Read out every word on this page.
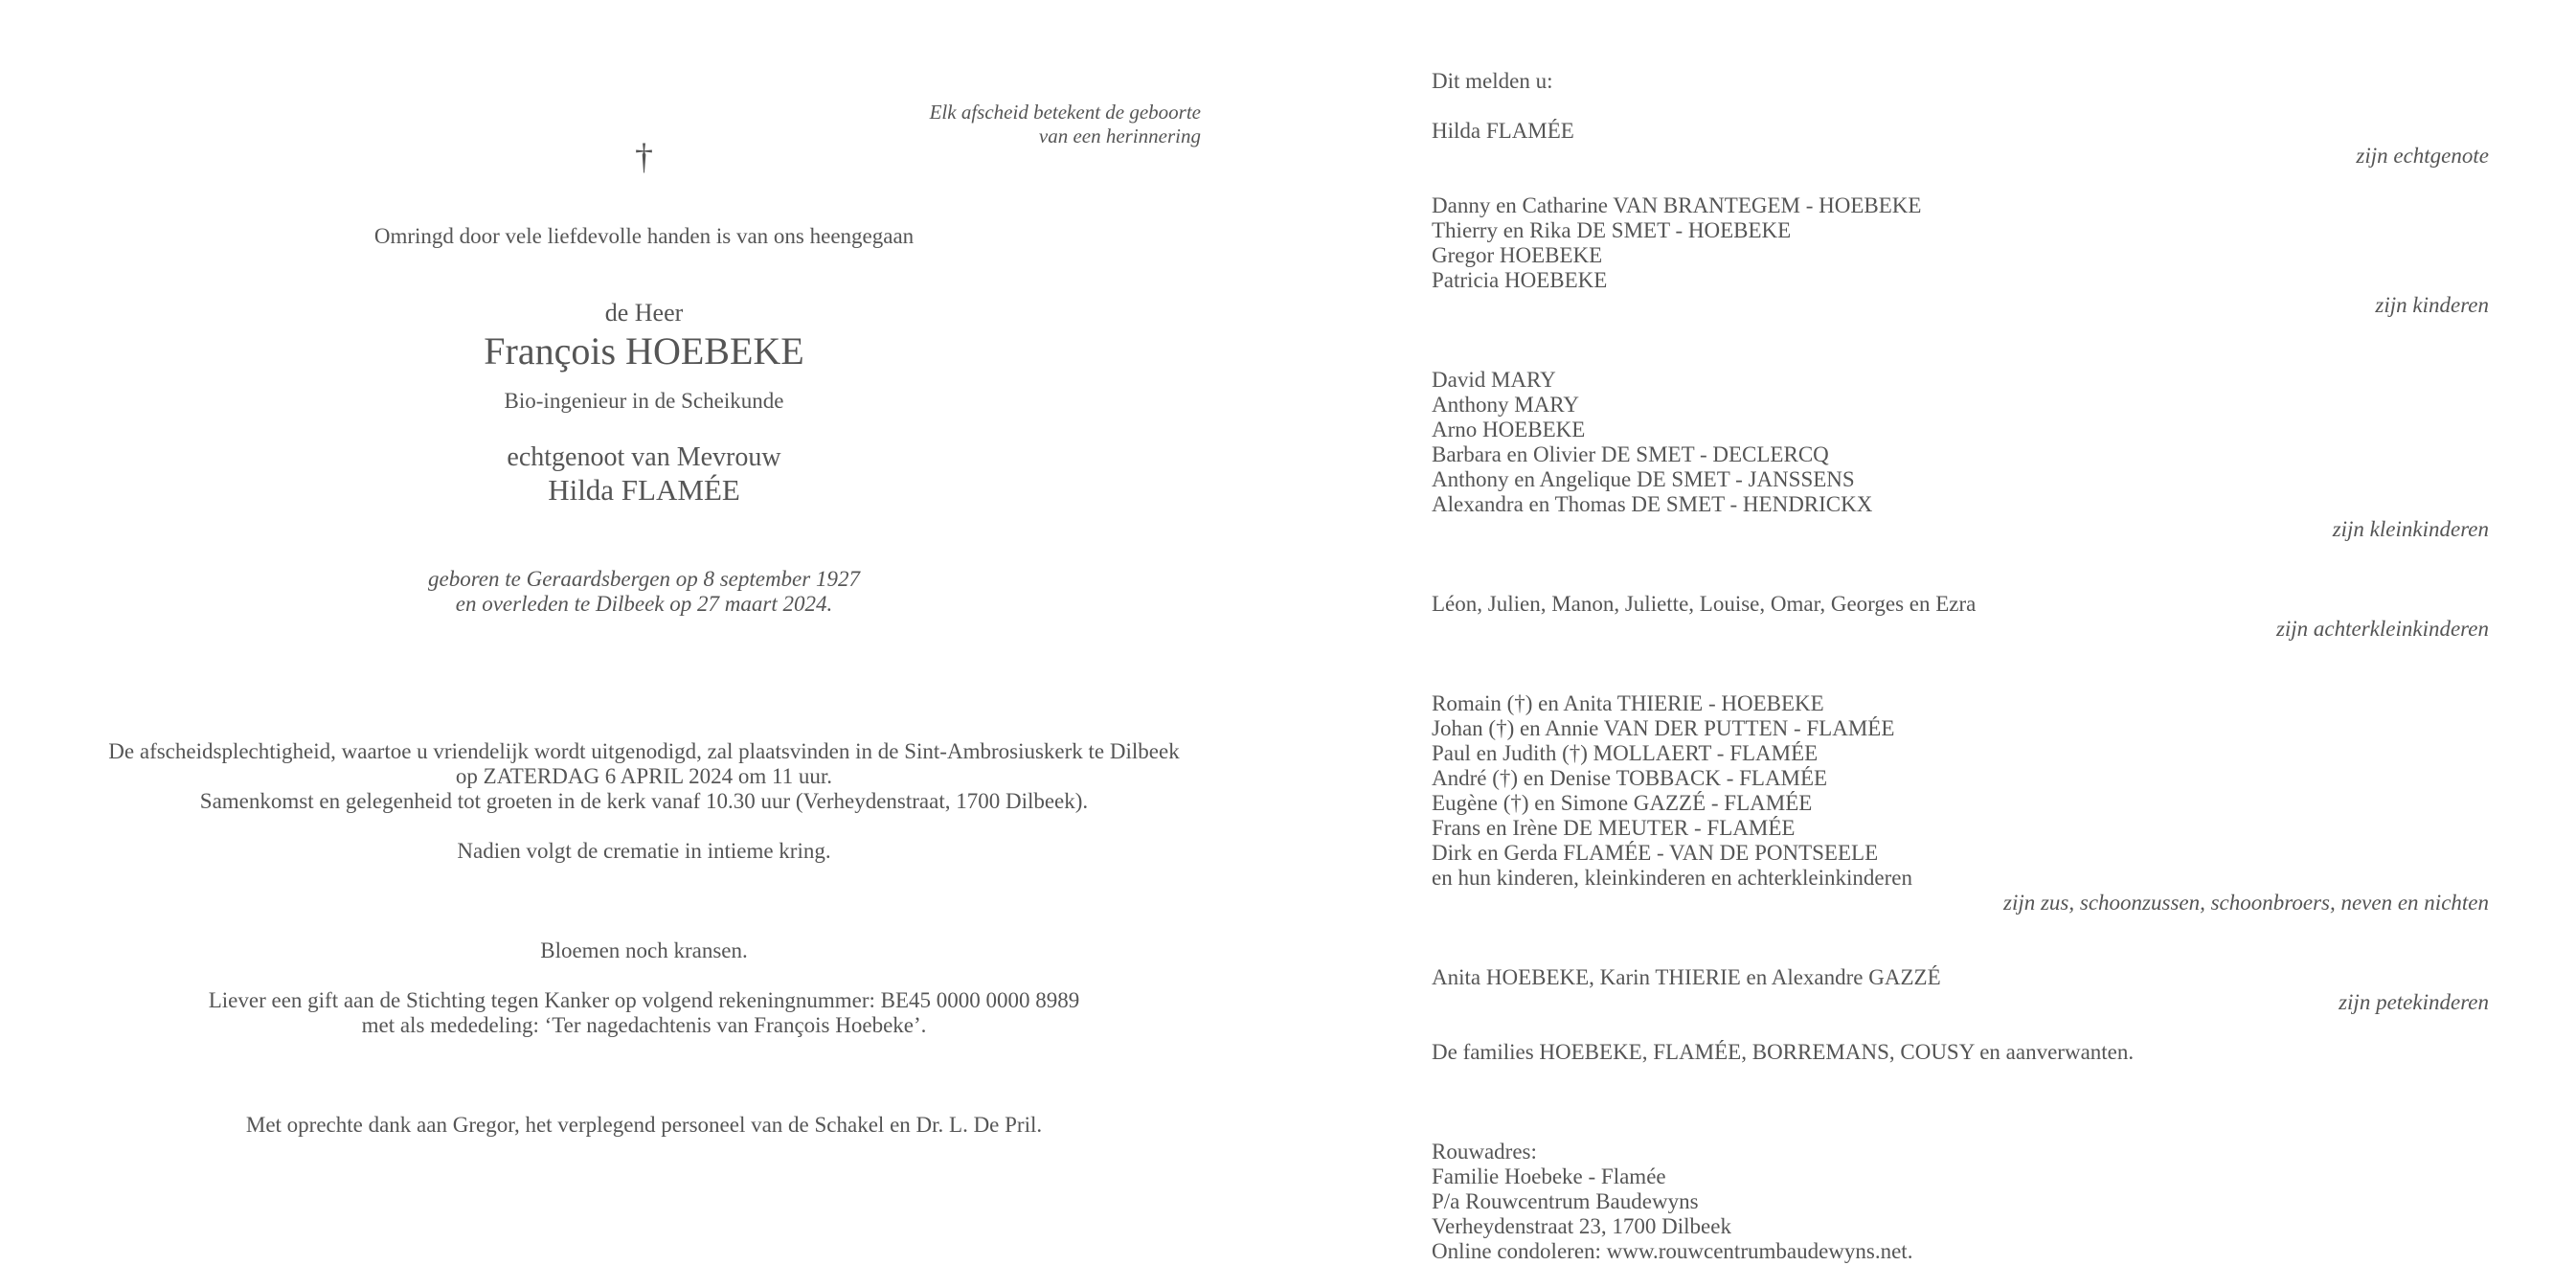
Elk afscheid betekent de geboorte
van een herinnering
†
Omringd door vele liefdevolle handen is van ons heengegaan
de Heer
François HOEBEKE
Bio-ingenieur in de Scheikunde
echtgenoot van Mevrouw
Hilda FLAMÉE
geboren te Geraardsbergen op 8 september 1927
en overleden te Dilbeek op 27 maart 2024.
De afscheidsplechtigheid, waartoe u vriendelijk wordt uitgenodigd, zal plaatsvinden in de Sint-Ambrosiuskerk te Dilbeek
op ZATERDAG 6 APRIL 2024 om 11 uur.
Samenkomst en gelegenheid tot groeten in de kerk vanaf 10.30 uur (Verheydenstraat, 1700 Dilbeek).
Nadien volgt de crematie in intieme kring.
Bloemen noch kransen.
Liever een gift aan de Stichting tegen Kanker op volgend rekeningnummer: BE45 0000 0000 8989
met als mededeling: ‘Ter nagedachtenis van François Hoebeke’.
Met oprechte dank aan Gregor, het verplegend personeel van de Schakel en Dr. L. De Pril.
Dit melden u:
Hilda FLAMÉE
zijn echtgenote
Danny en Catharine VAN BRANTEGEM - HOEBEKE
Thierry en Rika DE SMET - HOEBEKE
Gregor HOEBEKE
Patricia HOEBEKE
zijn kinderen
David MARY
Anthony MARY
Arno HOEBEKE
Barbara en Olivier DE SMET - DECLERCQ
Anthony en Angelique DE SMET - JANSSENS
Alexandra en Thomas DE SMET - HENDRICKX
zijn kleinkinderen
Léon, Julien, Manon, Juliette, Louise, Omar, Georges en Ezra
zijn achterkleinkinderen
Romain (†) en Anita THIERIE - HOEBEKE
Johan (†) en Annie VAN DER PUTTEN - FLAMÉE
Paul en Judith (†) MOLLAERT - FLAMÉE
André (†) en Denise TOBBACK - FLAMÉE
Eugène (†) en Simone GAZZÉ - FLAMÉE
Frans en Irène DE MEUTER - FLAMÉE
Dirk en Gerda FLAMÉE - VAN DE PONTSEELE
en hun kinderen, kleinkinderen en achterkleinkinderen
zijn zus, schoonzussen, schoonbroers, neven en nichten
Anita HOEBEKE, Karin THIERIE en Alexandre GAZZÉ
zijn petekinderen
De families HOEBEKE, FLAMÉE, BORREMANS, COUSY en aanverwanten.
Rouwadres:
Familie Hoebeke - Flamée
P/a Rouwcentrum Baudewyns
Verheydenstraat 23, 1700 Dilbeek
Online condoleren: www.rouwcentrumbaudewyns.net.
